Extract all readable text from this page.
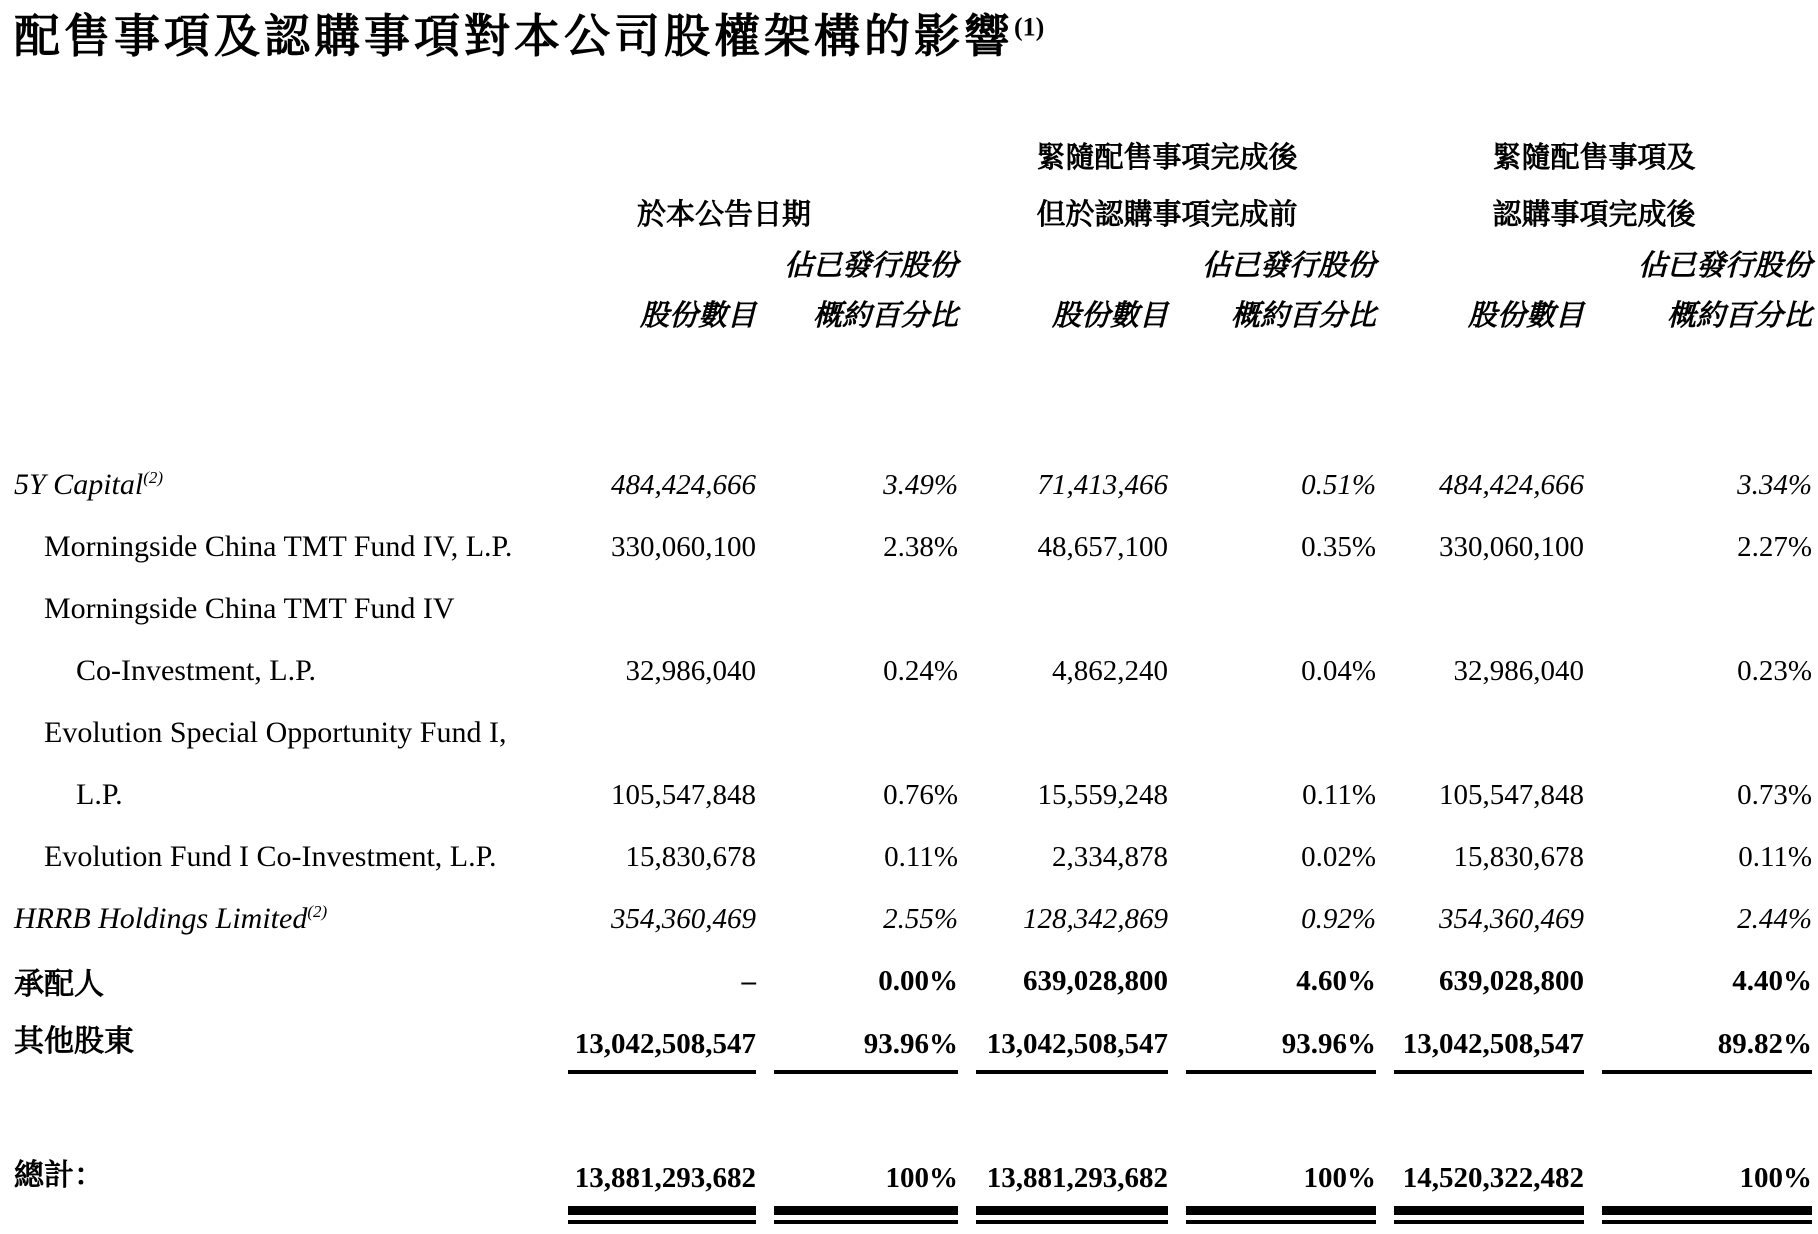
配售事項及認購事項對本公司股權架構的影響$^{(1)}$
			緊隨配售事項完成後		緊隨配售事項及	
	於本公告日期		但於認購事項完成前		認購事項完成後	
		佔已發行股份		佔已發行股份		佔已發行股份
	股份數目	概約百分比	股份數目	概約百分比	股份數目	概約百分比

5Y Capital$^{(2)}$	484,424,666	3.49%	71,413,466	0.51%	484,424,666	3.34%
Morningside China TMT Fund IV, L.P.	330,060,100	2.38%	48,657,100	0.35%	330,060,100	2.27%
Morningside China TMT Fund IV						
Co-Investment, L.P.	32,986,040	0.24%	4,862,240	0.04%	32,986,040	0.23%
Evolution Special Opportunity Fund I,						
L.P.	105,547,848	0.76%	15,559,248	0.11%	105,547,848	0.73%
Evolution Fund I Co-Investment, L.P.	15,830,678	0.11%	2,334,878	0.02%	15,830,678	0.11%
HRRB Holdings Limited$^{(2)}$	354,360,469	2.55%	128,342,869	0.92%	354,360,469	2.44%
承配人	–	0.00%	639,028,800	4.60%	639,028,800	4.40%
其他股東	13,042,508,547	93.96%	13,042,508,547	93.96%	13,042,508,547	89.82%

總計：	13,881,293,682	100%	13,881,293,682	100%	14,520,322,482	100%
